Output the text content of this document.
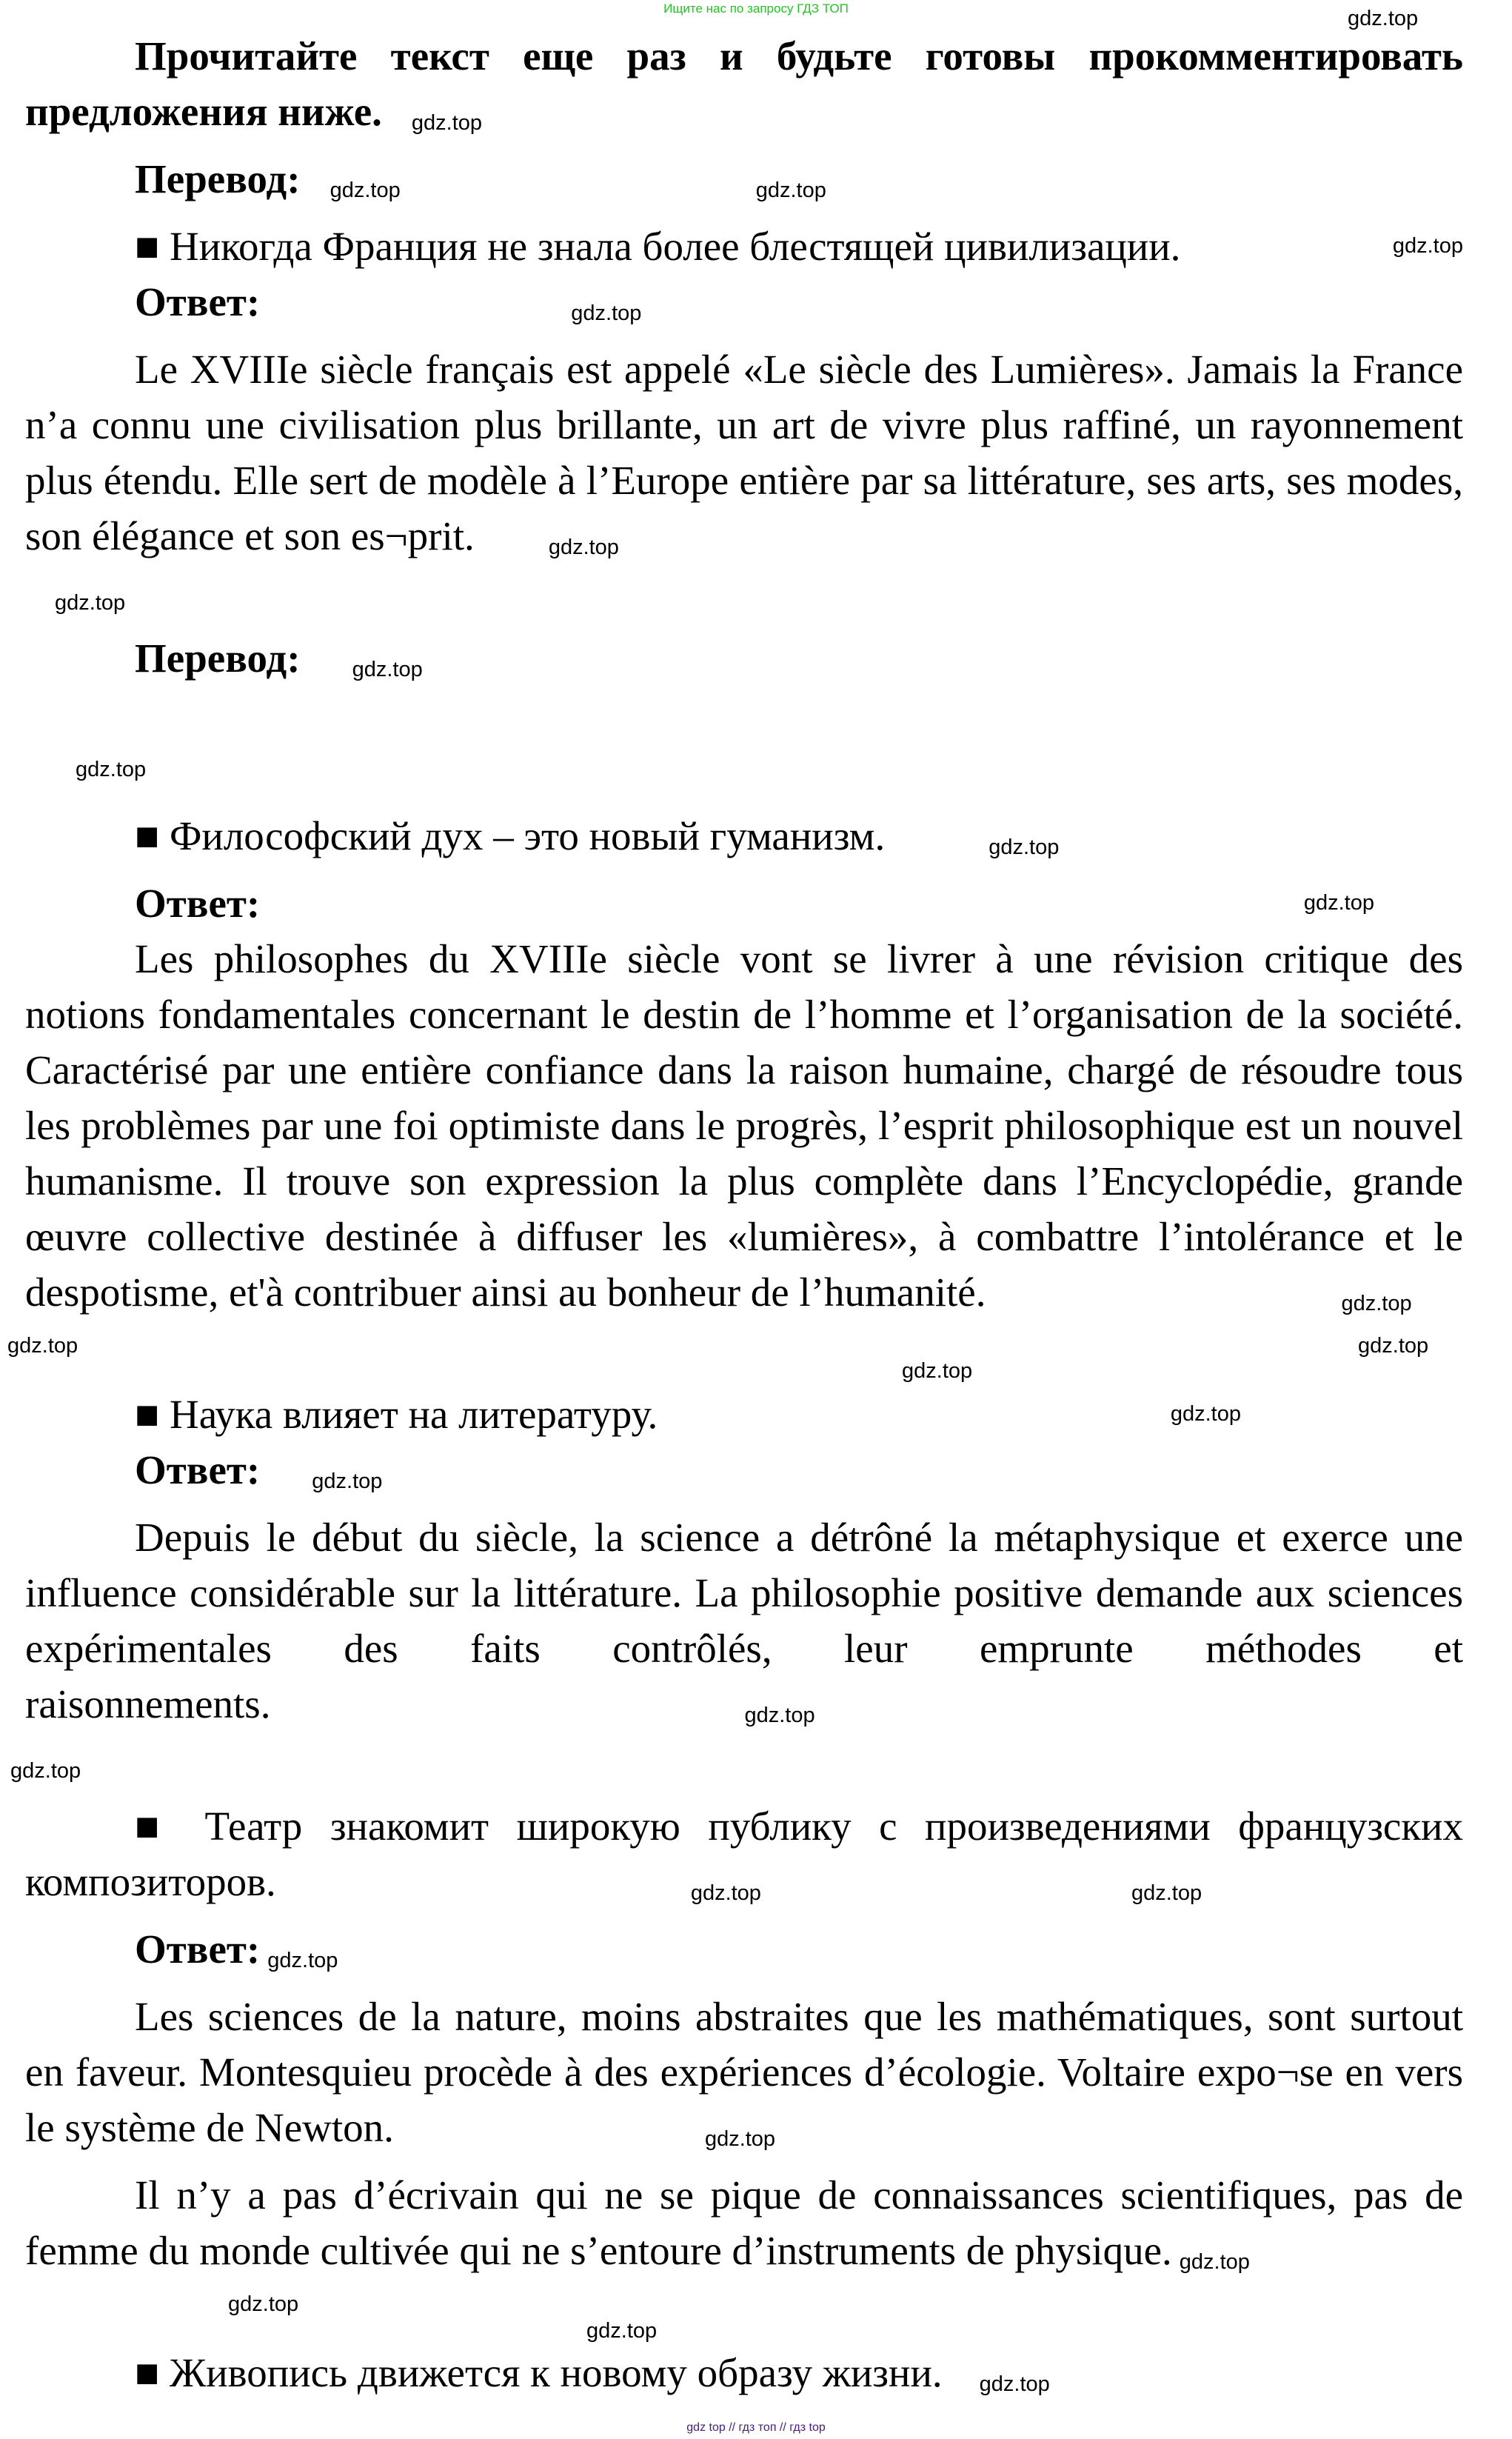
Ищите нас по запросу ГДЗ ТОП	gdz.top
Прочитайте текст еще раз и будьте готовы прокомментировать предложения ниже. gdz.top
Перевод: gdz.top	gdz.top
gdz.top
■ Никогда Франция не знала более блестящей цивилизации.
Ответ:	gdz.top
Le XVIIIe siècle français est appelé «Le siècle des Lumières». Jamais la France n’a connu une civilisation plus brillante, un art de vivre plus raffiné, un rayonnement plus étendu. Elle sert de modèle à l’Europe entière par sa littérature, ses arts, ses modes, son élégance et son es¬prit.	gdz.top
gdz.top
Перевод: gdz.top
gdz.top
■ Философский дух – это новый гуманизм.	gdz.top
gdz.top
Ответ:
Les philosophes du XVIIIe siècle vont se livrer à une révision critique des notions fondamentales concernant le destin de l’homme et l’organisation de la société. Caractérisé par une entière confiance dans la raison humaine, chargé de résoudre tous les problèmes par une foi optimiste dans le progrès, l’esprit philosophique est un nouvel humanisme. Il trouve son expression la plus complète dans l’Encyclopédie, grande œuvre collective destinée à diffuser les «lumières», à combattre l’intolérance et le despotisme, et'à contribuer ainsi au bonheur de l’humanité.	gdz.top
gdz.top
gdz.top
gdz.top
gdz.top
■ Наука влияет на литературу.
Ответ: gdz.top
Depuis le début du siècle, la science a détrôné la métaphysique et exerce une influence considérable sur la littérature. La philosophie positive demande aux sciences expérimentales des faits contrôlés, leur emprunte méthodes et raisonnements.	gdz.top
gdz.top
■ Театр знакомит широкую публику с произведениями французских композиторов.	gdz.top	gdz.top
Ответ: gdz.top
Les sciences de la nature, moins abstraites que les mathématiques, sont surtout en faveur. Montesquieu procède à des expériences d’écologie. Voltaire expo¬se en vers le système de Newton.	gdz.top
Il n’y a pas d’écrivain qui ne se pique de connaissances scientifiques, pas de femme du monde cultivée qui ne s’entoure d’instruments de physique. gdz.top
gdz.top
gdz.top
■ Живопись движется к новому образу жизни. gdz.top
gdz top // гдз топ // гдз top
